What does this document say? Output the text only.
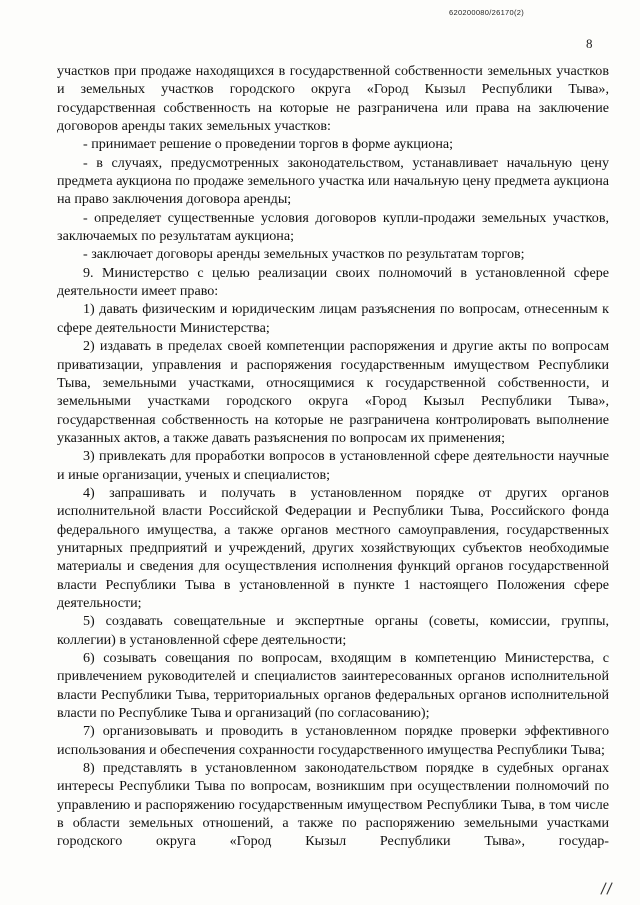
620200080/26170(2)
8

участков при продаже находящихся в государственной собственности земельных участков и земельных участков городского округа «Город Кызыл Республики Тыва», государственная собственность на которые не разграничена или права на заключение договоров аренды таких земельных участков:

- принимает решение о проведении торгов в форме аукциона;

- в случаях, предусмотренных законодательством, устанавливает начальную цену предмета аукциона по продаже земельного участка или начальную цену предмета аукциона на право заключения договора аренды;

- определяет существенные условия договоров купли-продажи земельных участков, заключаемых по результатам аукциона;

- заключает договоры аренды земельных участков по результатам торгов;

9. Министерство с целью реализации своих полномочий в установленной сфере деятельности имеет право:

1) давать физическим и юридическим лицам разъяснения по вопросам, отнесенным к сфере деятельности Министерства;

2) издавать в пределах своей компетенции распоряжения и другие акты по вопросам приватизации, управления и распоряжения государственным имуществом Республики Тыва, земельными участками, относящимися к государственной собственности, и земельными участками городского округа «Город Кызыл Республики Тыва», государственная собственность на которые не разграничена контролировать выполнение указанных актов, а также давать разъяснения по вопросам их применения;

3) привлекать для проработки вопросов в установленной сфере деятельности научные и иные организации, ученых и специалистов;

4) запрашивать и получать в установленном порядке от других органов исполнительной власти Российской Федерации и Республики Тыва, Российского фонда федерального имущества, а также органов местного самоуправления, государственных унитарных предприятий и учреждений, других хозяйствующих субъектов необходимые материалы и сведения для осуществления исполнения функций органов государственной власти Республики Тыва в установленной в пункте 1 настоящего Положения сфере деятельности;

5) создавать совещательные и экспертные органы (советы, комиссии, группы, коллегии) в установленной сфере деятельности;

6) созывать совещания по вопросам, входящим в компетенцию Министерства, с привлечением руководителей и специалистов заинтересованных органов исполнительной власти Республики Тыва, территориальных органов федеральных органов исполнительной власти по Республике Тыва и организаций (по согласованию);

7) организовывать и проводить в установленном порядке проверки эффективного использования и обеспечения сохранности государственного имущества Республики Тыва;

8) представлять в установленном законодательством порядке в судебных органах интересы Республики Тыва по вопросам, возникшим при осуществлении полномочий по управлению и распоряжению государственным имуществом Республики Тыва, в том числе в области земельных отношений, а также по распоряжению земельными участками городского округа «Город Кызыл Республики Тыва», государ-
